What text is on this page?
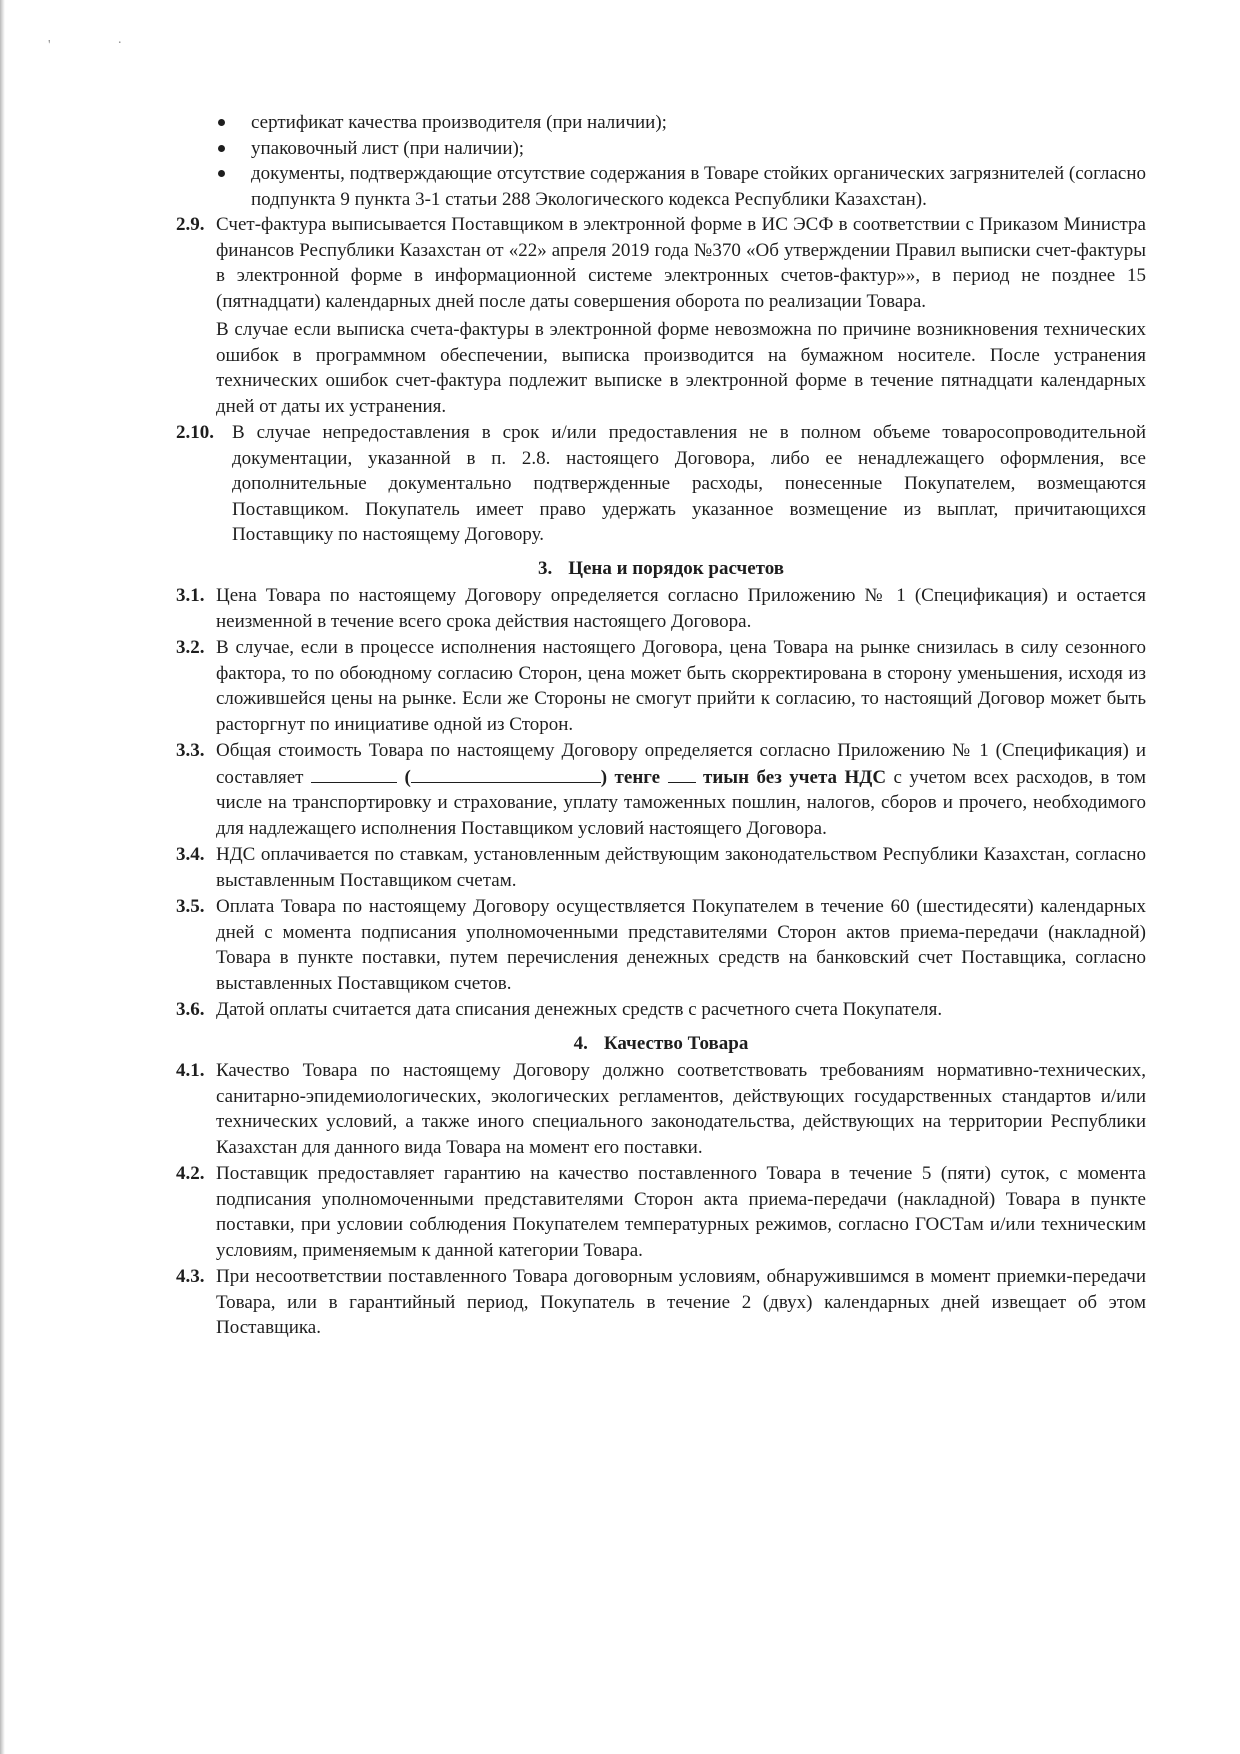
'	.
сертификат качества производителя (при наличии);
упаковочный лист (при наличии);
документы, подтверждающие отсутствие содержания в Товаре стойких органических загрязнителей (согласно подпункта 9 пункта 3-1 статьи 288 Экологического кодекса Республики Казахстан).
2.9. Счет-фактура выписывается Поставщиком в электронной форме в ИС ЭСФ в соответствии с Приказом Министра финансов Республики Казахстан от «22» апреля 2019 года №370 «Об утверждении Правил выписки счет-фактуры в электронной форме в информационной системе электронных счетов-фактур»», в период не позднее 15 (пятнадцати) календарных дней после даты совершения оборота по реализации Товара.

В случае если выписка счета-фактуры в электронной форме невозможна по причине возникновения технических ошибок в программном обеспечении, выписка производится на бумажном носителе. После устранения технических ошибок счет-фактура подлежит выписке в электронной форме в течение пятнадцати календарных дней от даты их устранения.

2.10. В случае непредоставления в срок и/или предоставления не в полном объеме товаросопроводительной документации, указанной в п. 2.8. настоящего Договора, либо ее ненадлежащего оформления, все дополнительные документально подтвержденные расходы, понесенные Покупателем, возмещаются Поставщиком. Покупатель имеет право удержать указанное возмещение из выплат, причитающихся Поставщику по настоящему Договору.

3. Цена и порядок расчетов
3.1. Цена Товара по настоящему Договору определяется согласно Приложению № 1 (Спецификация) и остается неизменной в течение всего срока действия настоящего Договора.

3.2. В случае, если в процессе исполнения настоящего Договора, цена Товара на рынке снизилась в силу сезонного фактора, то по обоюдному согласию Сторон, цена может быть скорректирована в сторону уменьшения, исходя из сложившейся цены на рынке. Если же Стороны не смогут прийти к согласию, то настоящий Договор может быть расторгнут по инициативе одной из Сторон.

3.3. Общая стоимость Товара по настоящему Договору определяется согласно Приложению № 1 (Спецификация) и составляет	(	) тенге тиын без учета НДС с учетом всех расходов, в том числе на транспортировку и страхование, уплату таможенных пошлин, налогов, сборов и прочего, необходимого для надлежащего исполнения Поставщиком условий настоящего Договора.

3.4. НДС оплачивается по ставкам, установленным действующим законодательством Республики Казахстан, согласно выставленным Поставщиком счетам.

3.5. Оплата Товара по настоящему Договору осуществляется Покупателем в течение 60 (шестидесяти) календарных дней с момента подписания уполномоченными представителями Сторон актов приема-передачи (накладной) Товара в пункте поставки, путем перечисления денежных средств на банковский счет Поставщика, согласно выставленных Поставщиком счетов.

3.6. Датой оплаты считается дата списания денежных средств с расчетного счета Покупателя.

4. Качество Товара
4.1. Качество Товара по настоящему Договору должно соответствовать требованиям нормативно-технических, санитарно-эпидемиологических, экологических регламентов, действующих государственных стандартов и/или технических условий, а также иного специального законодательства, действующих на территории Республики Казахстан для данного вида Товара на момент его поставки.

4.2. Поставщик предоставляет гарантию на качество поставленного Товара в течение 5 (пяти) суток, с момента подписания уполномоченными представителями Сторон акта приема-передачи (накладной) Товара в пункте поставки, при условии соблюдения Покупателем температурных режимов, согласно ГОСТам и/или техническим условиям, применяемым к данной категории Товара.

4.3. При несоответствии поставленного Товара договорным условиям, обнаружившимся в момент приемки-передачи Товара, или в гарантийный период, Покупатель в течение 2 (двух) календарных дней извещает об этом Поставщика.
